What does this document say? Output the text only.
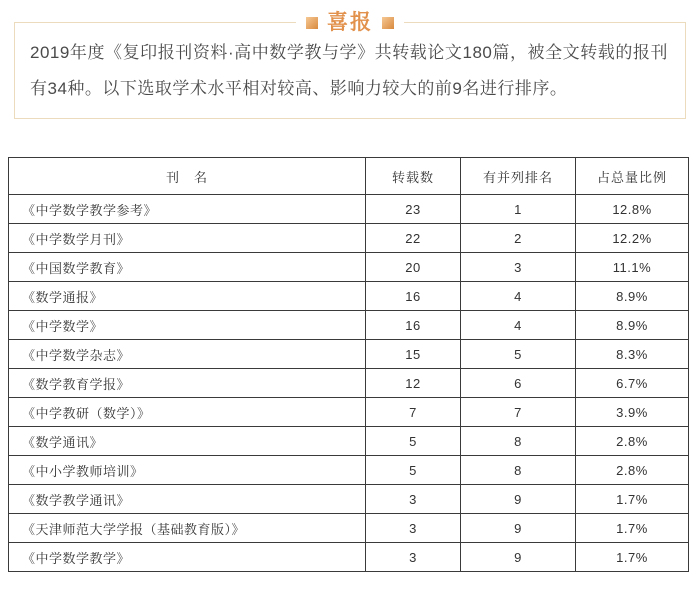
喜报

2019年度《复印报刊资料·高中数学教与学》共转载论文180篇，被全文转载的报刊有34种。以下选取学术水平相对较高、影响力较大的前9名进行排序。

刊　名	转载数	有并列排名	占总量比例
《中学数学教学参考》	23	1	12.8%
《中学数学月刊》	22	2	12.2%
《中国数学教育》	20	3	11.1%
《数学通报》	16	4	8.9%
《中学数学》	16	4	8.9%
《中学数学杂志》	15	5	8.3%
《数学教育学报》	12	6	6.7%
《中学教研（数学）》	7	7	3.9%
《数学通讯》	5	8	2.8%
《中小学教师培训》	5	8	2.8%
《数学教学通讯》	3	9	1.7%
《天津师范大学学报（基础教育版）》	3	9	1.7%
《中学数学教学》	3	9	1.7%
